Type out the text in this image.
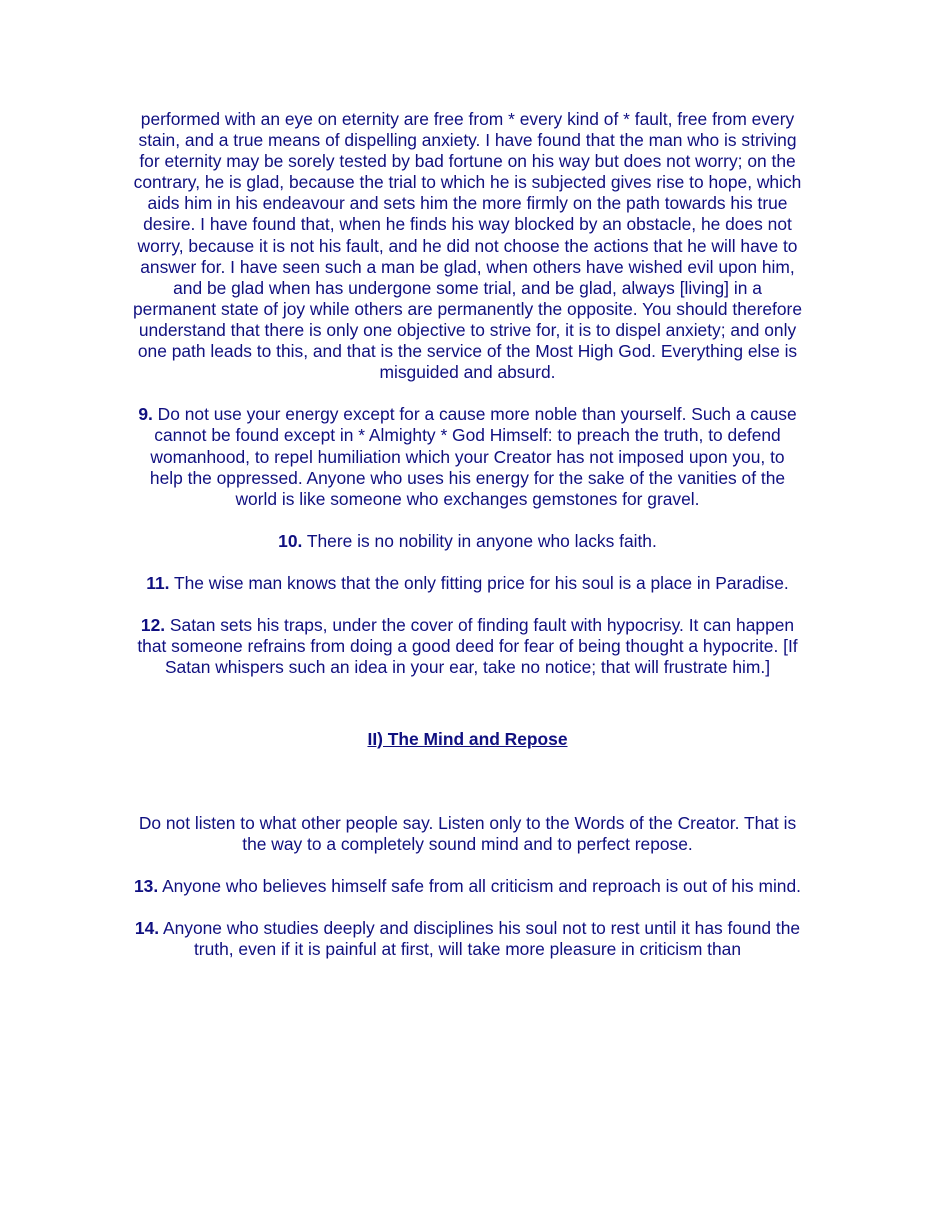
performed with an eye on eternity are free from * every kind of * fault, free from every stain, and a true means of dispelling anxiety. I have found that the man who is striving for eternity may be sorely tested by bad fortune on his way but does not worry; on the contrary, he is glad, because the trial to which he is subjected gives rise to hope, which aids him in his endeavour and sets him the more firmly on the path towards his true desire. I have found that, when he finds his way blocked by an obstacle, he does not worry, because it is not his fault, and he did not choose the actions that he will have to answer for. I have seen such a man be glad, when others have wished evil upon him, and be glad when has undergone some trial, and be glad, always [living] in a permanent state of joy while others are permanently the opposite. You should therefore understand that there is only one objective to strive for, it is to dispel anxiety; and only one path leads to this, and that is the service of the Most High God. Everything else is misguided and absurd.

9. Do not use your energy except for a cause more noble than yourself. Such a cause cannot be found except in * Almighty * God Himself: to preach the truth, to defend womanhood, to repel humiliation which your Creator has not imposed upon you, to help the oppressed. Anyone who uses his energy for the sake of the vanities of the world is like someone who exchanges gemstones for gravel.

10. There is no nobility in anyone who lacks faith.

11. The wise man knows that the only fitting price for his soul is a place in Paradise.

12. Satan sets his traps, under the cover of finding fault with hypocrisy. It can happen that someone refrains from doing a good deed for fear of being thought a hypocrite. [If Satan whispers such an idea in your ear, take no notice; that will frustrate him.]

II) The Mind and Repose

Do not listen to what other people say. Listen only to the Words of the Creator. That is the way to a completely sound mind and to perfect repose.

13. Anyone who believes himself safe from all criticism and reproach is out of his mind.

14. Anyone who studies deeply and disciplines his soul not to rest until it has found the truth, even if it is painful at first, will take more pleasure in criticism than
